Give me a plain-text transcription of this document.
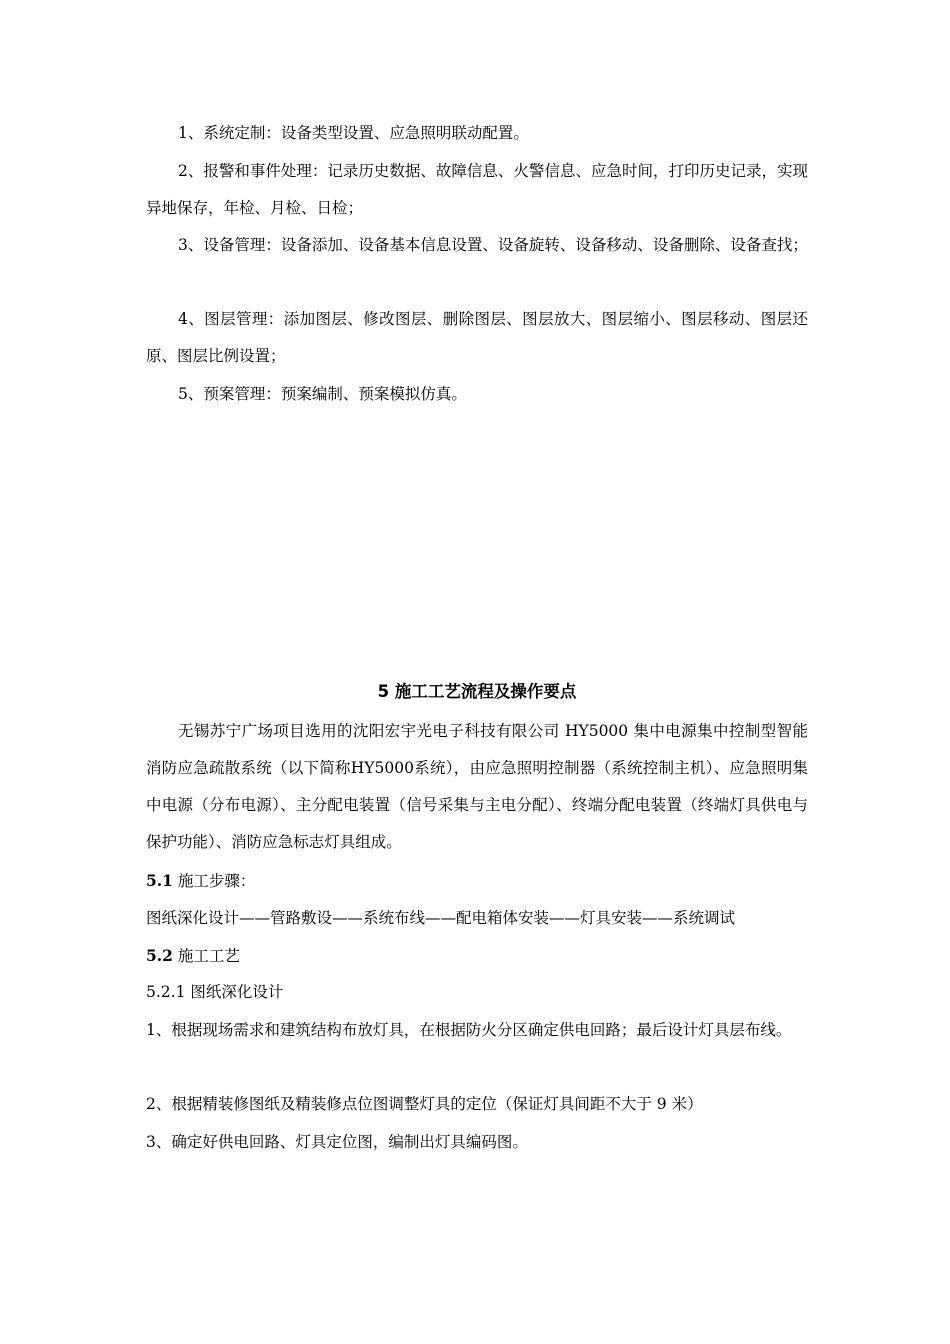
1、系统定制：设备类型设置、应急照明联动配置。

2、报警和事件处理：记录历史数据、故障信息、火警信息、应急时间，打印历史记录，实现异地保存，年检、月检、日检；

3、设备管理：设备添加、设备基本信息设置、设备旋转、设备移动、设备删除、设备查找；

4、图层管理：添加图层、修改图层、删除图层、图层放大、图层缩小、图层移动、图层还原、图层比例设置；

5、预案管理：预案编制、预案模拟仿真。

5 施工工艺流程及操作要点

无锡苏宁广场项目选用的沈阳宏宇光电子科技有限公司 HY5000 集中电源集中控制型智能消防应急疏散系统（以下简称HY5000系统），由应急照明控制器（系统控制主机）、应急照明集中电源（分布电源）、主分配电装置（信号采集与主电分配）、终端分配电装置（终端灯具供电与保护功能）、消防应急标志灯具组成。

5.1 施工步骤：

图纸深化设计——管路敷设——系统布线——配电箱体安装——灯具安装——系统调试

5.2 施工工艺

5.2.1 图纸深化设计

1、根据现场需求和建筑结构布放灯具，在根据防火分区确定供电回路；最后设计灯具层布线。

2、根据精装修图纸及精装修点位图调整灯具的定位（保证灯具间距不大于 9 米）

3、确定好供电回路、灯具定位图，编制出灯具编码图。
